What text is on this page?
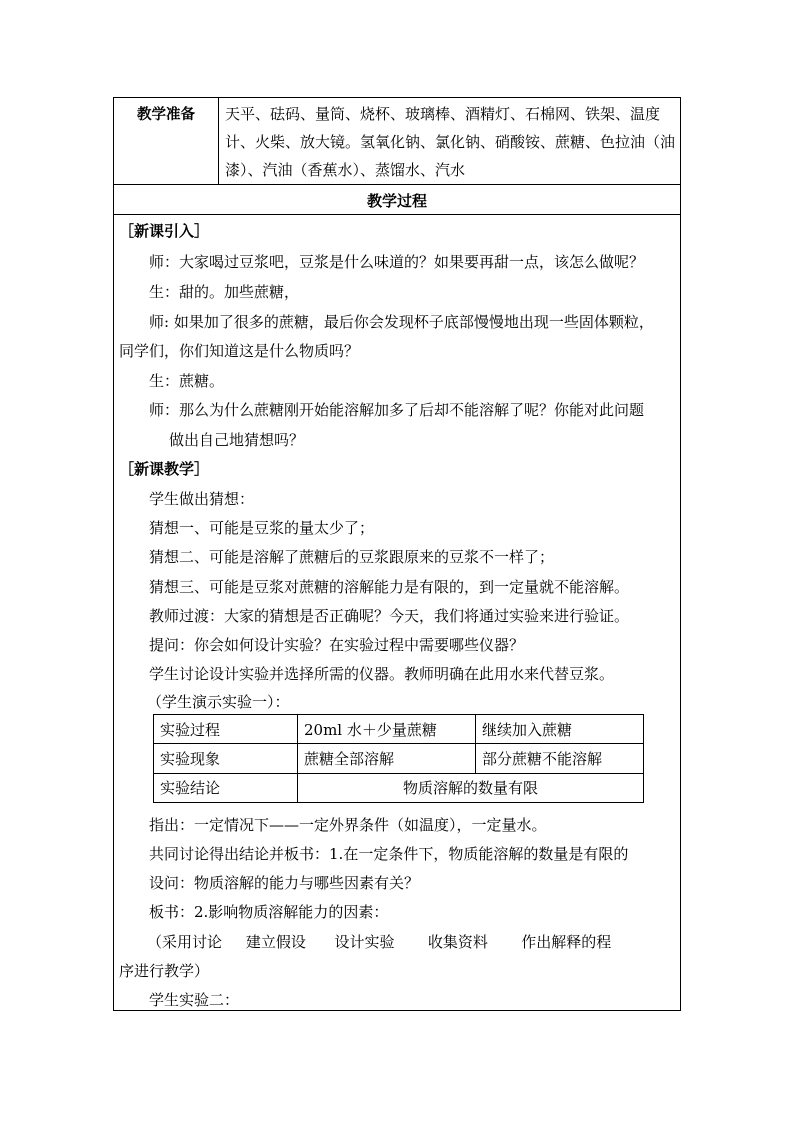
教学准备	天平、砝码、量筒、烧杯、玻璃棒、酒精灯、石棉网、铁架、温度计、火柴、放大镜。氢氧化钠、氯化钠、硝酸铵、蔗糖、色拉油（油漆）、汽油（香蕉水）、蒸馏水、汽水
教学过程
［新课引入］
师：大家喝过豆浆吧，豆浆是什么味道的？如果要再甜一点，该怎么做呢？
生：甜的。加些蔗糖，
师: 如果加了很多的蔗糖，最后你会发现杯子底部慢慢地出现一些固体颗粒，
同学们，你们知道这是什么物质吗？
生：蔗糖。
师：那么为什么蔗糖刚开始能溶解加多了后却不能溶解了呢？你能对此问题
做出自己地猜想吗？
［新课教学］
学生做出猜想：
猜想一、可能是豆浆的量太少了；
猜想二、可能是溶解了蔗糖后的豆浆跟原来的豆浆不一样了；
猜想三、可能是豆浆对蔗糖的溶解能力是有限的，到一定量就不能溶解。
教师过渡：大家的猜想是否正确呢？今天，我们将通过实验来进行验证。
提问：你会如何设计实验？在实验过程中需要哪些仪器？
学生讨论设计实验并选择所需的仪器。教师明确在此用水来代替豆浆。
（学生演示实验一）：
实验过程	20ml 水＋少量蔗糖	继续加入蔗糖
实验现象	蔗糖全部溶解	部分蔗糖不能溶解
实验结论	物质溶解的数量有限	
指出：一定情况下——一定外界条件（如温度），一定量水。
共同讨论得出结论并板书：1.在一定条件下，物质能溶解的数量是有限的
设问：物质溶解的能力与哪些因素有关？
板书：2.影响物质溶解能力的因素：
（采用讨论     建立假设      设计实验       收集资料       作出解释的程
序进行教学）
学生实验二：
